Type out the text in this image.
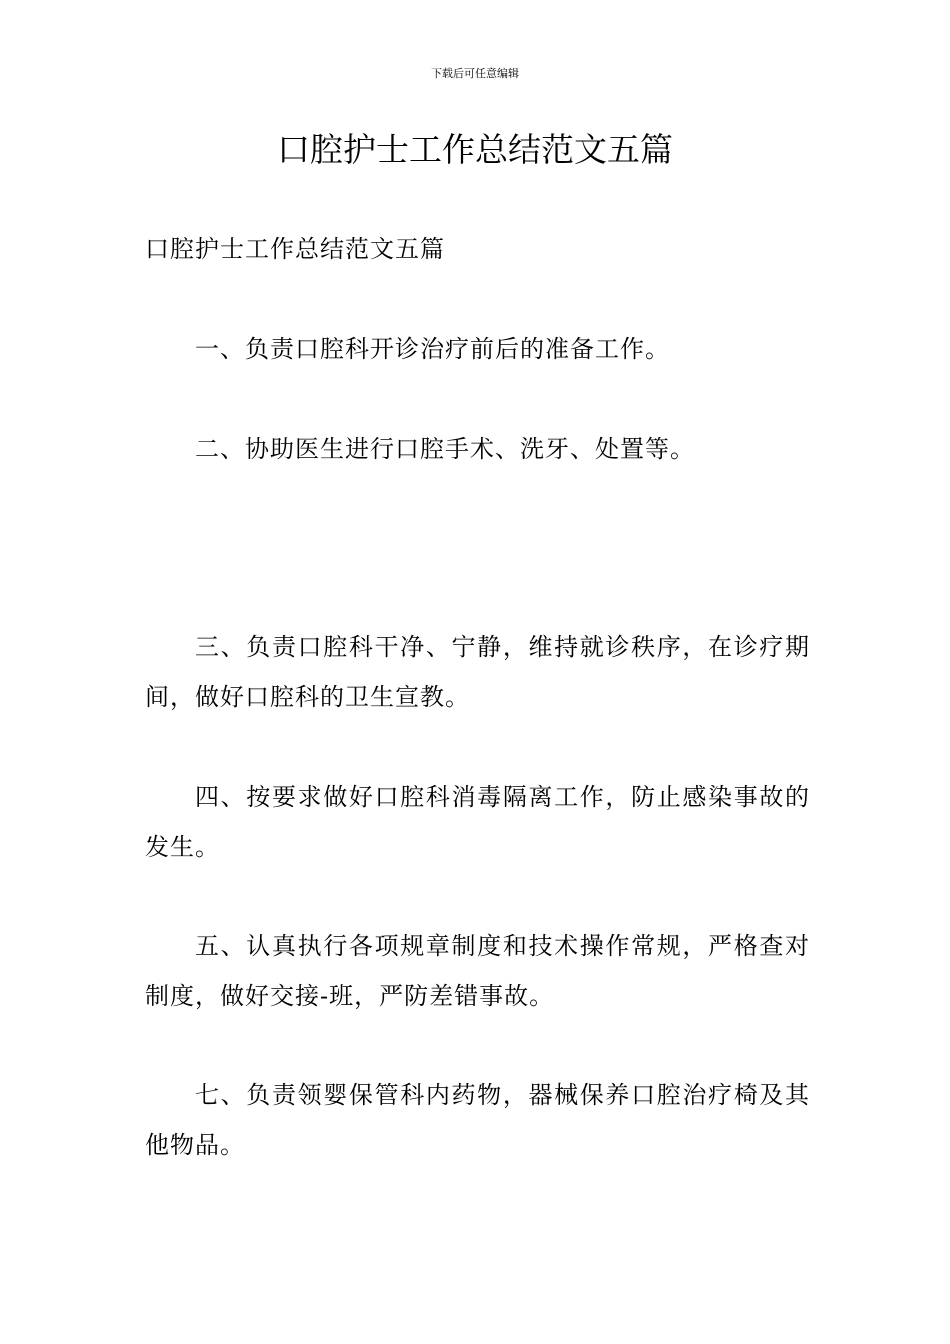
下载后可任意编辑
口腔护士工作总结范文五篇

口腔护士工作总结范文五篇

一、负责口腔科开诊治疗前后的准备工作。

二、协助医生进行口腔手术、洗牙、处置等。

三、负责口腔科干净、宁静，维持就诊秩序，在诊疗期间，做好口腔科的卫生宣教。

四、按要求做好口腔科消毒隔离工作，防止感染事故的发生。

五、认真执行各项规章制度和技术操作常规，严格查对制度，做好交接-班，严防差错事故。

七、负责领婴保管科内药物，器械保养口腔治疗椅及其他物品。
